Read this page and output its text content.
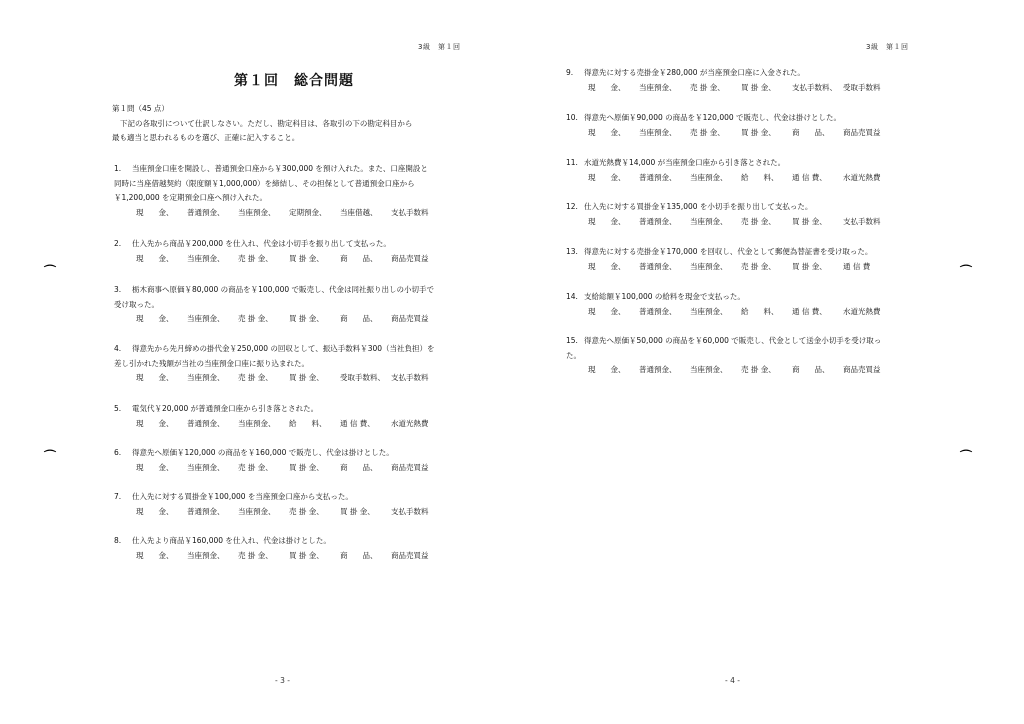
3級　第１回
第１回　総合問題
第１問（45 点）
下記の各取引について仕訳しなさい。ただし、勘定科目は、各取引の下の勘定科目から
最も適当と思われるものを選び、正確に記入すること。
1. 当座預金口座を開設し、普通預金口座から￥300,000 を預け入れた。また、口座開設と
同時に当座借越契約（限度額￥1,000,000）を締結し、その担保として普通預金口座から
￥1,200,000 を定期預金口座へ預け入れた。
現　　金、	普通預金、	当座預金、	定期預金、	当座借越、	支払手数料
2. 仕入先から商品￥200,000 を仕入れ、代金は小切手を振り出して支払った。
現　　金、	当座預金、	売 掛 金、	買 掛 金、	商　　品、	商品売買益
3. 栃木商事へ原価￥80,000 の商品を￥100,000 で販売し、代金は同社振り出しの小切手で
受け取った。
現　　金、	当座預金、	売 掛 金、	買 掛 金、	商　　品、	商品売買益
4. 得意先から先月締めの掛代金￥250,000 の回収として、振込手数料￥300（当社負担）を
差し引かれた残額が当社の当座預金口座に振り込まれた。
現　　金、	当座預金、	売 掛 金、	買 掛 金、	受取手数料、 支払手数料
5. 電気代￥20,000 が普通預金口座から引き落とされた。
現　　金、	普通預金、	当座預金、	給　　料、	通 信 費、	水道光熱費
6. 得意先へ原価￥120,000 の商品を￥160,000 で販売し、代金は掛けとした。
現　　金、	当座預金、	売 掛 金、	買 掛 金、	商　　品、	商品売買益
7. 仕入先に対する買掛金￥100,000 を当座預金口座から支払った。
現　　金、	普通預金、	当座預金、	売 掛 金、	買 掛 金、	支払手数料
8. 仕入先より商品￥160,000 を仕入れ、代金は掛けとした。
現　　金、	当座預金、	売 掛 金、	買 掛 金、	商　　品、	商品売買益
- 3 -
⌒
⌒
3級　第１回
9. 得意先に対する売掛金￥280,000 が当座預金口座に入金された。
現　　金、	当座預金、	売 掛 金、	買 掛 金、	支払手数料、 受取手数料
10. 得意先へ原価￥90,000 の商品を￥120,000 で販売し、代金は掛けとした。
現　　金、	当座預金、	売 掛 金、	買 掛 金、	商　　品、	商品売買益
11. 水道光熱費￥14,000 が当座預金口座から引き落とされた。
現　　金、	普通預金、	当座預金、	給　　料、	通 信 費、	水道光熱費
12. 仕入先に対する買掛金￥135,000 を小切手を振り出して支払った。
現　　金、	普通預金、	当座預金、	売 掛 金、	買 掛 金、	支払手数料
13. 得意先に対する売掛金￥170,000 を回収し、代金として郵便為替証書を受け取った。
現　　金、	普通預金、	当座預金、	売 掛 金、	買 掛 金、	通 信 費
14. 支給総額￥100,000 の給料を現金で支払った。
現　　金、	普通預金、	当座預金、	給　　料、	通 信 費、	水道光熱費
15. 得意先へ原価￥50,000 の商品を￥60,000 で販売し、代金として送金小切手を受け取っ
た。
現　　金、	普通預金、	当座預金、	売 掛 金、	商　　品、	商品売買益
- 4 -
⌒
⌒
